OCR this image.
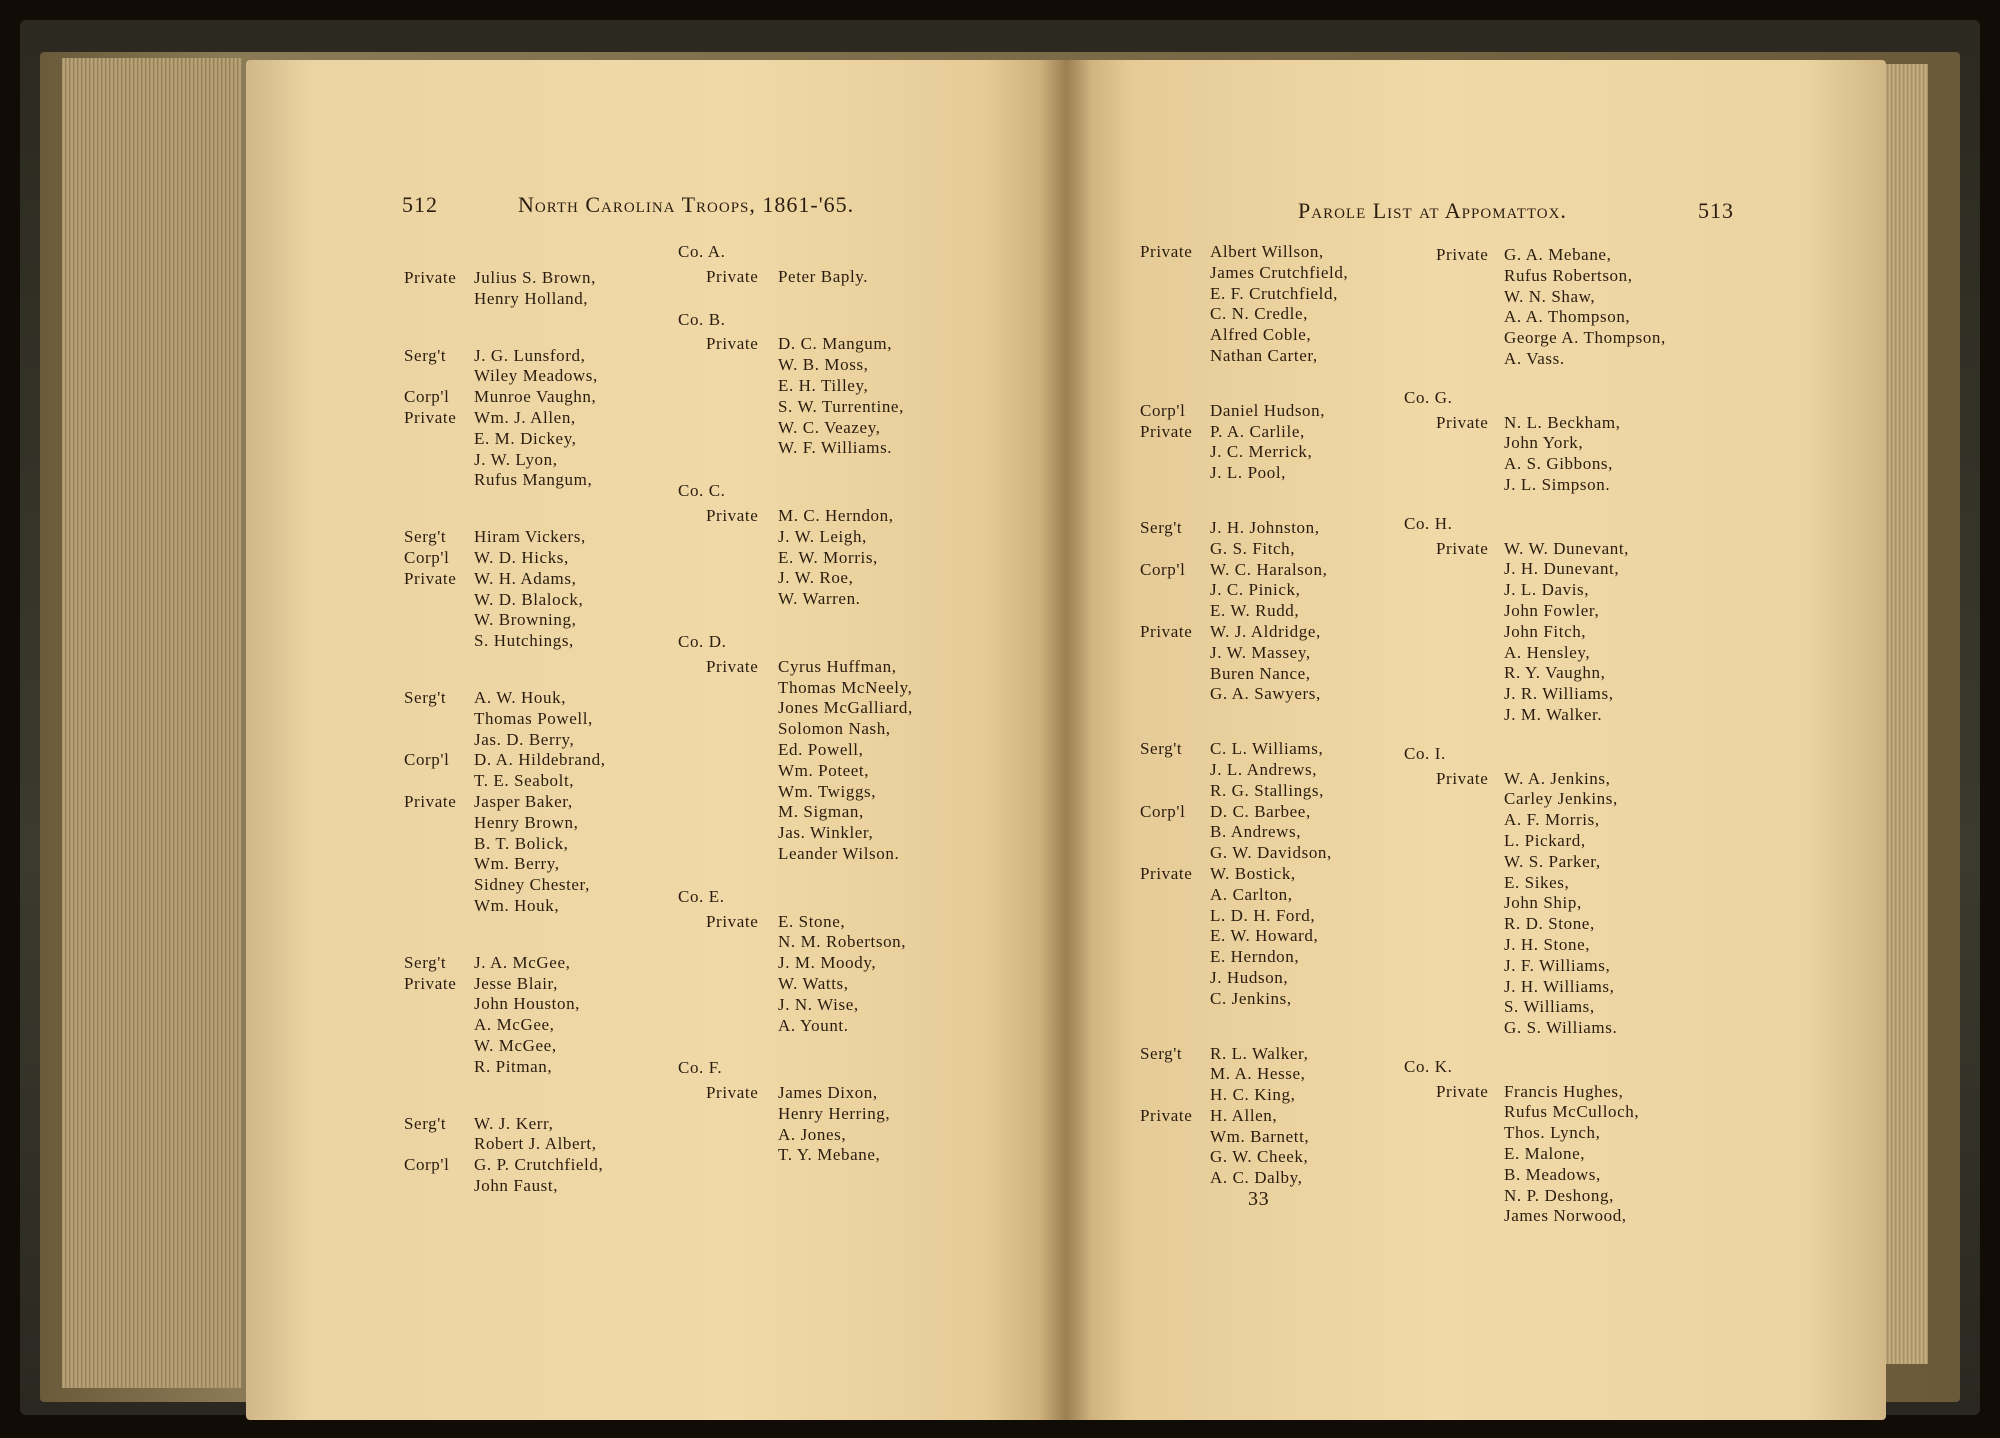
512	North Carolina Troops, 1861-'65.
Private Julius S. Brown,
Henry Holland,
Serg't J. G. Lunsford,
Wiley Meadows,
Corp'l Munroe Vaughn,
Private Wm. J. Allen,
E. M. Dickey,
J. W. Lyon,
Rufus Mangum,
Serg't Hiram Vickers,
Corp'l W. D. Hicks,
Private W. H. Adams,
W. D. Blalock,
W. Browning,
S. Hutchings,
Serg't A. W. Houk,
Thomas Powell,
Jas. D. Berry,
Corp'l D. A. Hildebrand,
T. E. Seabolt,
Private Jasper Baker,
Henry Brown,
B. T. Bolick,
Wm. Berry,
Sidney Chester,
Wm. Houk,
Serg't J. A. McGee,
Private Jesse Blair,
John Houston,
A. McGee,
W. McGee,
R. Pitman,
Serg't W. J. Kerr,
Robert J. Albert,
Corp'l G. P. Crutchfield,
John Faust,
Co. A.
Private Peter Baply.
Co. B.
Private D. C. Mangum,
W. B. Moss,
E. H. Tilley,
S. W. Turrentine,
W. C. Veazey,
W. F. Williams.
Co. C.
Private M. C. Herndon,
J. W. Leigh,
E. W. Morris,
J. W. Roe,
W. Warren.
Co. D.
Private Cyrus Huffman,
Thomas McNeely,
Jones McGalliard,
Solomon Nash,
Ed. Powell,
Wm. Poteet,
Wm. Twiggs,
M. Sigman,
Jas. Winkler,
Leander Wilson.
Co. E.
Private E. Stone,
N. M. Robertson,
J. M. Moody,
W. Watts,
J. N. Wise,
A. Yount.
Co. F.
Private James Dixon,
Henry Herring,
A. Jones,
T. Y. Mebane,
Parole List at Appomattox.	513
Private Albert Willson,
James Crutchfield,
E. F. Crutchfield,
C. N. Credle,
Alfred Coble,
Nathan Carter,
Corp'l Daniel Hudson,
Private P. A. Carlile,
J. C. Merrick,
J. L. Pool,
Serg't J. H. Johnston,
G. S. Fitch,
Corp'l W. C. Haralson,
J. C. Pinick,
E. W. Rudd,
Private W. J. Aldridge,
J. W. Massey,
Buren Nance,
G. A. Sawyers,
Serg't C. L. Williams,
J. L. Andrews,
R. G. Stallings,
Corp'l D. C. Barbee,
B. Andrews,
G. W. Davidson,
Private W. Bostick,
A. Carlton,
L. D. H. Ford,
E. W. Howard,
E. Herndon,
J. Hudson,
C. Jenkins,
Serg't R. L. Walker,
M. A. Hesse,
H. C. King,
Private H. Allen,
Wm. Barnett,
G. W. Cheek,
A. C. Dalby,
Private G. A. Mebane,
Rufus Robertson,
W. N. Shaw,
A. A. Thompson,
George A. Thompson,
A. Vass.
Co. G.
Private N. L. Beckham,
John York,
A. S. Gibbons,
J. L. Simpson.
Co. H.
Private W. W. Dunevant,
J. H. Dunevant,
J. L. Davis,
John Fowler,
John Fitch,
A. Hensley,
R. Y. Vaughn,
J. R. Williams,
J. M. Walker.
Co. I.
Private W. A. Jenkins,
Carley Jenkins,
A. F. Morris,
L. Pickard,
W. S. Parker,
E. Sikes,
John Ship,
R. D. Stone,
J. H. Stone,
J. F. Williams,
J. H. Williams,
S. Williams,
G. S. Williams.
Co. K.
Private Francis Hughes,
Rufus McCulloch,
Thos. Lynch,
E. Malone,
B. Meadows,
N. P. Deshong,
James Norwood,
33
